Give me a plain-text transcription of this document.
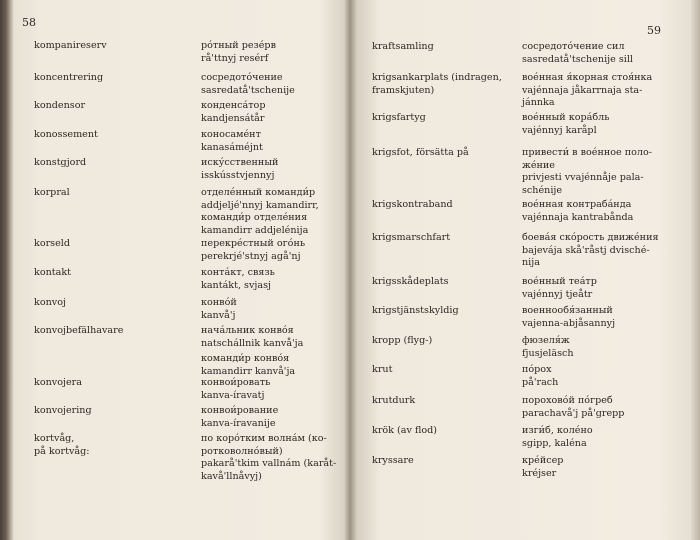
58
kompanireserv	ро́тный резе́рв
rå'ttnyj resérf
koncentrering	сосредото́чение
sasredatå'tschenije
kondensor	конденса́тор
kandjensátår
konossement	коносаме́нт
kanasáméjnt
konstgjord	иску́сственный
isskússtvjennyj
korpral	отделе́нный команди́р
addjeljé'nnyj kamandirr,
команди́р отделе́ния
kamandirr addjelénija
korseld	перекре́стный ого́нь
perekrjé'stnyj agå'nj
kontakt	конта́кт, связь
kantákt, svjasj
konvoj	конво́й
kanvå'j
konvojbefälhavare	нача́льник конво́я
natschállnik kanvå'ja
команди́р конво́я
kamandirr kanvå'ja
konvojera	конвои́ровать
kanva-íravatj
konvojering	конвои́рование
kanva-íravanije
kortvåg,
på kortvåg:
по коро́тким волна́м (ко-
ротковолно́вый)
pakarå'tkim vallnám (karåt-
kavå'llnåvyj)
59
kraftsamling	сосредото́чение сил
sasredatå'tschenije sill
krigsankarplats (indragen,
framskjuten)
вое́нная я́корная стоя́нка
vajénnaja jåkarrnaja sta-
jánnka
krigsfartyg	вое́нный кора́бль
vajénnyj karåpl
krigsfot, försätta på	привести́ в вое́нное поло-
же́ние
privjesti vvajénnåje pala-
schénije
krigskontraband	вое́нная контраба́нда
vajénnaja kantrabånda
krigsmarschfart	боева́я ско́рость движе́ния
bajevája skå'råstj dvisché-
nija
krigsskådeplats	вое́нный теа́тр
vajénnyj tjeåtr
krigstjänstskyldig	военнообя́занный
vajenna-abjåsannyj
kropp (flyg-)	фюзеля́ж
fjusjeläsch
krut	по́рох
på'rach
krutdurk	порохово́й по́греб
parachavå'j på'grepp
krök (av flod)	изги́б, коле́но
sgipp, kaléna
kryssare	кре́йсер
kréjser
